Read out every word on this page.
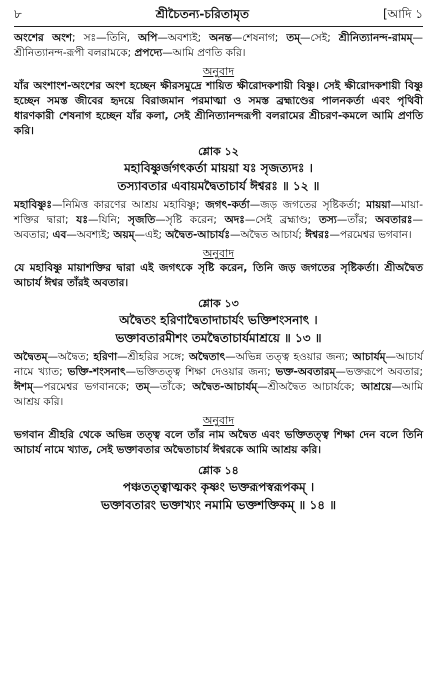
৮	শ্রীচৈতন্য-চরিতামৃত	[আদি ১

অংশের অংশ; সঃ—তিনি, অপি—অবশ্যই; অনন্ত—শেষনাগ; তম্—সেই; শ্রীনিত্যানন্দ-রামম্—শ্রীনিত্যানন্দ-রূপী বলরামকে; প্রপদ্যে—আমি প্রণতি করি।

অনুবাদ

যাঁর অংশাংশ-অংশের অংশ হচ্ছেন ক্ষীরসমুদ্রে শায়িত ক্ষীরোদকশায়ী বিষ্ণু। সেই ক্ষীরোদকশায়ী বিষ্ণু হচ্ছেন সমস্ত জীবের হৃদয়ে বিরাজমান পরমাত্মা ও সমস্ত ব্রহ্মাণ্ডের পালনকর্তা এবং পৃথিবী ধারণকারী শেষনাগ হচ্ছেন যাঁর কলা, সেই শ্রীনিত্যানন্দরূপী বলরামের শ্রীচরণ-কমলে আমি প্রণতি করি।

শ্লোক ১২

মহাবিষ্ণুর্জগৎকর্তা মায়য়া যঃ সৃজত্যদঃ ।

তস্যাবতার এবায়মদ্বৈতাচার্য ঈশ্বরঃ ॥ ১২ ॥

মহাবিষ্ণুঃ—নিমিত্ত কারণের আশ্রয় মহাবিষ্ণু; জগৎ-কর্তা—জড় জগতের সৃষ্টিকর্তা; মায়য়া—মায়া-শক্তির দ্বারা; যঃ—যিনি; সৃজতি—সৃষ্টি করেন; অদঃ—সেই ব্রহ্মাণ্ড; তস্য—তাঁর; অবতারঃ—অবতার; এব—অবশ্যই; অয়ম্—এই; অদ্বৈত-আচার্যঃ—অদ্বৈত আচার্য; ঈশ্বরঃ—পরমেশ্বর ভগবান।

অনুবাদ

যে মহাবিষ্ণু মায়াশক্তির দ্বারা এই জগৎকে সৃষ্টি করেন, তিনি জড় জগতের সৃষ্টিকর্তা। শ্রীঅদ্বৈত আচার্য ঈশ্বর তাঁরই অবতার।

শ্লোক ১৩

অদ্বৈতং হরিণাদ্বৈতাদাচার্যং ভক্তিশংসনাৎ ।

ভক্তাবতারমীশং তমদ্বৈতাচার্যমাশ্রয়ে ॥ ১৩ ॥

অদ্বৈতম্—অদ্বৈত; হরিণা—শ্রীহরির সঙ্গে; অদ্বৈতাৎ—অভিন্ন তত্ত্ব হওয়ার জন্য; আচার্যম্—আচার্য নামে খ্যাত; ভক্তি-শংসনাৎ—ভক্তিতত্ত্ব শিক্ষা দেওয়ার জন্য; ভক্ত-অবতারম্—ভক্তরূপে অবতার; ঈশম্—পরমেশ্বর ভগবানকে; তম্—তাঁকে; অদ্বৈত-আচার্যম্—শ্রীঅদ্বৈত আচার্যকে; আশ্রয়ে—আমি আশ্রয় করি।

অনুবাদ

ভগবান শ্রীহরি থেকে অভিন্ন তত্ত্ব বলে তাঁর নাম অদ্বৈত এবং ভক্তিতত্ত্ব শিক্ষা দেন বলে তিনি আচার্য নামে খ্যাত, সেই ভক্তাবতার অদ্বৈতাচার্য ঈশ্বরকে আমি আশ্রয় করি।

শ্লোক ১৪

পঞ্চতত্ত্বাত্মকং কৃষ্ণং ভক্তরূপস্বরূপকম্ ।

ভক্তাবতারং ভক্তাখ্যং নমামি ভক্তশক্তিকম্ ॥ ১৪ ॥
